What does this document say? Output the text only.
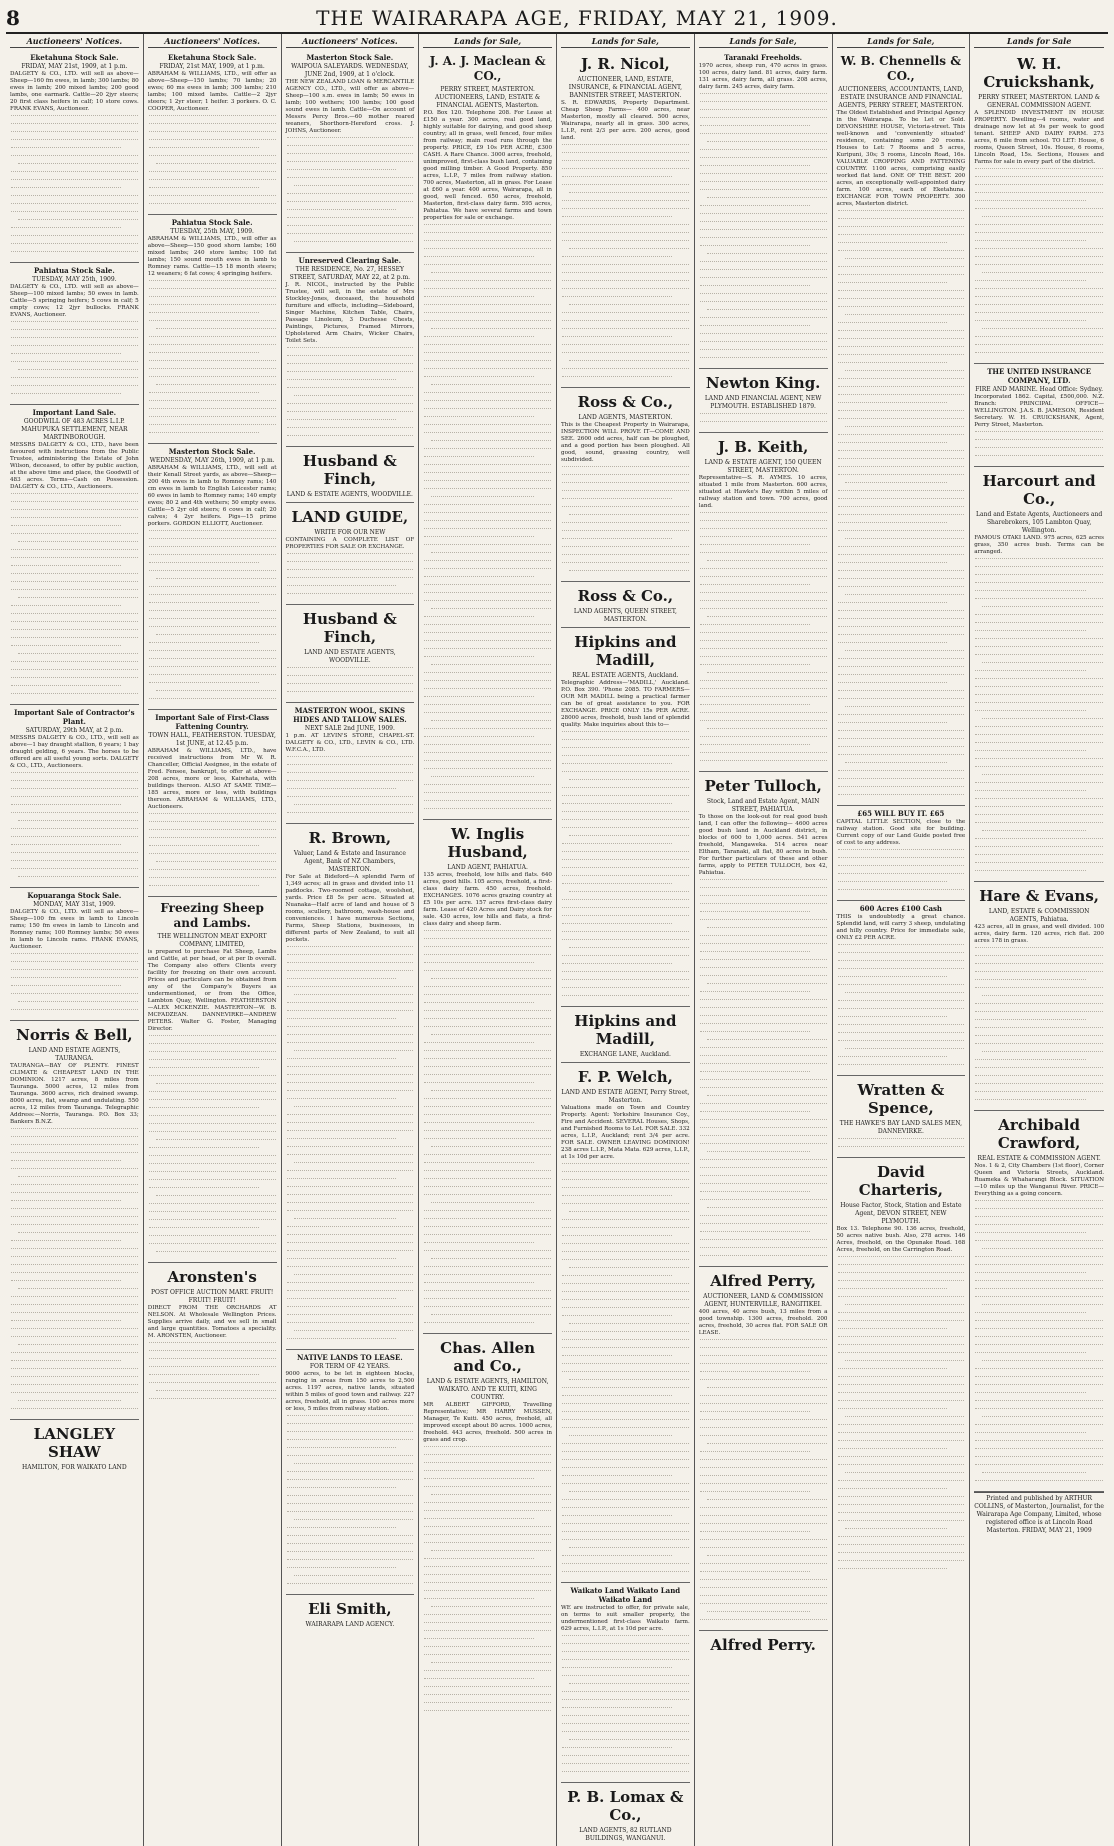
8	THE WAIRARAPA AGE, FRIDAY, MAY 21, 1909.
Auctioneers' Notices.
Eketahuna Stock Sale.
FRIDAY, MAY 21st, 1909, at 1 p.m.
DALGETY & CO., LTD. will sell as above—Sheep—160 fm ewes, in lamb; 300 lambs; 80 ewes in lamb; 200 mixed lambs; 200 good lambs, one earmark. Cattle—20 2jyr steers; 20 first class heifers in calf; 10 store cows. FRANK EVANS, Auctioneer.
Pahiatua Stock Sale.
TUESDAY, MAY 25th, 1909.
DALGETY & CO., LTD. will sell as above—Sheep—100 mixed lambs; 50 ewes in lamb. Cattle—5 springing heifers; 5 cows in calf; 5 empty cows; 12 2jyr bullocks. FRANK EVANS, Auctioneer.
Important Land Sale.
GOODWILL OF 483 ACRES L.I.P. MAHUPUKA SETTLEMENT, NEAR MARTINBOROUGH.
MESSRS DALGETY & CO., LTD., have been favoured with instructions from the Public Trustee, administering the Estate of John Wilson, deceased, to offer by public auction, at the above time and place, the Goodwill of 483 acres. Terms—Cash on Possession. DALGETY & CO., LTD., Auctioneers.
Important Sale of Contractor's Plant.
SATURDAY, 29th MAY, at 2 p.m.
MESSRS DALGETY & CO., LTD., will sell as above—1 bay draught stallion, 6 years; 1 bay draught gelding, 6 years. The horses to be offered are all useful young sorts. DALGETY & CO., LTD., Auctioneers.
Kopuaranga Stock Sale.
MONDAY, MAY 31st, 1909.
DALGETY & CO., LTD. will sell as above—Sheep—100 fm ewes in lamb to Lincoln rams; 150 fm ewes in lamb to Lincoln and Romney rams; 100 Romney lambs; 50 ewes in lamb to Lincoln rams. FRANK EVANS, Auctioneer.
Norris & Bell,
LAND AND ESTATE AGENTS, TAURANGA.
TAURANGA—BAY OF PLENTY. FINEST CLIMATE & CHEAPEST LAND IN THE DOMINION. 1217 acres, 8 miles from Tauranga. 5000 acres, 12 miles from Tauranga. 3600 acres, rich drained swamp. 8000 acres, flat, swamp and undulating. 550 acres, 12 miles from Tauranga. Telegraphic Address:—Norris, Tauranga. P.O. Box 33; Bankers B.N.Z.
LANGLEY SHAW
HAMILTON, FOR WAIKATO LAND
Auctioneers' Notices.
Eketahuna Stock Sale.
FRIDAY, 21st MAY, 1909, at 1 p.m.
ABRAHAM & WILLIAMS, LTD., will offer as above—Sheep—150 lambs; 70 lambs; 20 ewes; 60 ms ewes in lamb; 300 lambs; 210 lambs; 100 mixed lambs. Cattle—2 2jyr steers; 1 2yr steer; 1 heifer. 3 porkers. O. C. COOPER, Auctioneer.
Pahiatua Stock Sale.
TUESDAY, 25th MAY, 1909.
ABRAHAM & WILLIAMS, LTD., will offer as above—Sheep—150 good shorn lambs; 160 mixed lambs; 240 store lambs; 100 fat lambs; 150 sound mouth ewes in lamb to Romney rams. Cattle—15 18 month steers; 12 weaners; 6 fat cows; 4 springing heifers.
Masterton Stock Sale.
WEDNESDAY, MAY 26th, 1909, at 1 p.m.
ABRAHAM & WILLIAMS, LTD., will sell at their Kenall Street yards, as above—Sheep—200 4th ewes in lamb to Romney rams; 140 cm ewes in lamb to English Leicester rams; 60 ewes in lamb to Romney rams; 140 empty ewes; 80 2 and 4th wethers; 50 empty ewes. Cattle—5 2yr old steers; 6 cows in calf; 20 calves; 4 2yr heifers. Pigs—15 prime porkers. GORDON ELLIOTT, Auctioneer.
Important Sale of First-Class Fattening Country.
TOWN HALL, FEATHERSTON. TUESDAY, 1st JUNE, at 12.45 p.m.
ABRAHAM & WILLIAMS, LTD., have received instructions from Mr W. R. Chanceller, Official Assignee, in the estate of Fred. Fensee, bankrupt, to offer at above—208 acres, more or less, Kaiwhata, with buildings thereon. ALSO AT SAME TIME—185 acres, more or less, with buildings thereon. ABRAHAM & WILLIAMS, LTD., Auctioneers.
Freezing Sheep and Lambs.
THE WELLINGTON MEAT EXPORT COMPANY, LIMITED,
is prepared to purchase Fat Sheep, Lambs and Cattle, at per head, or at per lb overall. The Company also offers Clients every facility for freezing on their own account. Prices and particulars can be obtained from any of the Company's Buyers as undermentioned, or from the Office, Lambton Quay, Wellington. FEATHERSTON—ALEX MCKENZIE. MASTERTON—W. B. MCFADZEAN. DANNEVIRKE—ANDREW PETERS. Walter G. Foster, Managing Director.
Aronsten's
POST OFFICE AUCTION MART. FRUIT! FRUIT! FRUIT!
DIRECT FROM THE ORCHARDS AT NELSON. At Wholesale Wellington Prices. Supplies arrive daily, and we sell in small and large quantities. Tomatoes a speciality. M. ARONSTEN, Auctioneer.
Auctioneers' Notices.
Masterton Stock Sale.
WAIPOUA SALEYARDS. WEDNESDAY, JUNE 2nd, 1909, at 1 o'clock.
THE NEW ZEALAND LOAN & MERCANTILE AGENCY CO., LTD., will offer as above—Sheep—100 s.m. ewes in lamb; 50 ewes in lamb; 100 wethers; 100 lambs; 100 good sound ewes in lamb. Cattle—On account of Messrs Percy Bros.—60 mother reared weaners, Shorthorn-Hereford cross. J. JOHNS, Auctioneer.
Unreserved Clearing Sale.
THE RESIDENCE, No. 27, HESSEY STREET, SATURDAY, MAY 22, at 2 p.m.
J. R. NICOL, instructed by the Public Trustee, will sell, in the estate of Mrs Stockley-Jones, deceased, the household furniture and effects, including—Sideboard, Singer Machine, Kitchen Table, Chairs, Passage Linoleum, 3 Duchesse Chests, Paintings, Pictures, Framed Mirrors, Upholstered Arm Chairs, Wicker Chairs, Toilet Sets.
Husband & Finch,
LAND & ESTATE AGENTS, WOODVILLE.
LAND GUIDE,
WRITE FOR OUR NEW
CONTAINING A COMPLETE LIST OF PROPERTIES FOR SALE OR EXCHANGE.
Husband & Finch,
LAND AND ESTATE AGENTS, WOODVILLE.
MASTERTON WOOL, SKINS HIDES AND TALLOW SALES.
NEXT SALE 2nd JUNE, 1909.
1 p.m. AT LEVIN'S STORE, CHAPEL-ST. DALGETY & CO., LTD., LEVIN & CO., LTD. W.F.C.A., LTD.
R. Brown,
Valuer, Land & Estate and Insurance Agent, Bank of NZ Chambers, MASTERTON.
For Sale at Bideford—A splendid Farm of 1,349 acres; all in grass and divided into 11 paddocks. Two-roomed cottage, woolshed, yards. Price £8 5s per acre. Situated at Nuanaka—Half acre of land and house of 5 rooms, scullery, bathroom, wash-house and conveniences. I have numerous Sections, Farms, Sheep Stations, businesses, in different parts of New Zealand, to suit all pockets.
NATIVE LANDS TO LEASE.
FOR TERM OF 42 YEARS.
9000 acres, to be let in eighteen blocks, ranging in areas from 150 acres to 2,500 acres. 1197 acres, native lands, situated within 5 miles of good town and railway. 227 acres, freehold, all in grass. 100 acres more or less, 5 miles from railway station.
Eli Smith,
WAIRARAPA LAND AGENCY.
Lands for Sale,
J. A. J. Maclean & CO.,
PERRY STREET, MASTERTON. AUCTIONEERS, LAND, ESTATE & FINANCIAL AGENTS, Masterton.
P.O. Box 120. Telephone 208. For Lease at £150 a year. 300 acres, real good land, highly suitable for dairying, and good sheep country; all in grass, well fenced, four miles from railway; main road runs through the property. PRICE, £9 10s PER ACRE, £300 CASH. A Rare Chance. 3000 acres, freehold, unimproved, first-class bush land, containing good milling timber. A Good Property. 850 acres, L.I.P., 7 miles from railway station. 700 acres, Masterton, all in grass. For Lease at £60 a year. 400 acres, Wairarapa, all in good, well fenced. 650 acres, freehold, Masterton, first-class dairy farm. 595 acres, Pahiatua. We have several farms and town properties for sale or exchange.
W. Inglis Husband,
LAND AGENT, PAHIATUA.
135 acres, freehold, low hills and flats. 640 acres, good hills. 105 acres, freehold, a first-class dairy farm. 450 acres, freehold. EXCHANGES. 1076 acres grazing country at £5 10s per acre. 157 acres first-class dairy farm. Lease of 420 Acres and Dairy stock for sale. 430 acres, low hills and flats, a first-class dairy and sheep farm.
Chas. Allen and Co.,
LAND & ESTATE AGENTS, HAMILTON, WAIKATO. AND TE KUITI, KING COUNTRY.
MR ALBERT GIFFORD, Travelling Representative; MR HARRY MUSSEN, Manager, Te Kuiti. 450 acres, freehold, all improved except about 80 acres. 1000 acres, freehold. 443 acres, freehold. 500 acres in grass and crop.
Lands for Sale,
J. R. Nicol,
AUCTIONEER, LAND, ESTATE, INSURANCE, & FINANCIAL AGENT, BANNISTER STREET, MASTERTON.
S. R. EDWARDS, Property Department. Cheap Sheep Farms— 400 acres, near Masterton, mostly all cleared. 500 acres, Wairarapa, nearly all in grass. 300 acres, L.I.P., rent 2/3 per acre. 200 acres, good land.
Ross & Co.,
LAND AGENTS, MASTERTON.
This is the Cheapest Property in Wairarapa, INSPECTION WILL PROVE IT—COME AND SEE. 2600 odd acres, half can be ploughed, and a good portion has been ploughed. All good, sound, grassing country, well subdivided.
Ross & Co.,
LAND AGENTS, QUEEN STREET, MASTERTON.
Hipkins and Madill,
REAL ESTATE AGENTS, Auckland.
Telegraphic Address—'MADILL,' Auckland. P.O. Box 390. 'Phone 2085. TO FARMERS— OUR MR MADILL being a practical farmer can be of great assistance to you. FOR EXCHANGE. PRICE ONLY 15s PER ACRE. 28000 acres, freehold, bush land of splendid quality. Make inquiries about this to—
Hipkins and Madill,
EXCHANGE LANE, Auckland.
F. P. Welch,
LAND AND ESTATE AGENT, Perry Street, Masterton.
Valuations made on Town and Country Property. Agent: Yorkshire Insurance Coy., Fire and Accident. SEVERAL Houses, Shops, and Furnished Rooms to Let. FOR SALE. 332 acres, L.I.P., Auckland; rent 3/4 per acre. FOR SALE. OWNER LEAVING DOMINION! 238 acres L.I.P., Mata Mata. 629 acres, L.I.P., at 1s 10d per acre.
Waikato Land Waikato Land Waikato Land
WE are instructed to offer, for private sale, on terms to suit smaller property, the undermentioned first-class Waikato farm. 629 acres, L.I.P., at 1s 10d per acre.
P. B. Lomax & Co.,
LAND AGENTS, 82 RUTLAND BUILDINGS, WANGANUI.
Lands for Sale,
Taranaki Freeholds.
1970 acres, sheep run, 470 acres in grass. 100 acres, dairy land. 81 acres, dairy farm. 131 acres, dairy farm, all grass. 208 acres, dairy farm. 245 acres, dairy farm.
Newton King.
LAND AND FINANCIAL AGENT, NEW PLYMOUTH. ESTABLISHED 1879.
J. B. Keith,
LAND & ESTATE AGENT, 150 QUEEN STREET, MASTERTON.
Representative—S. R. AYMES. 10 acres, situated 1 mile from Masterton. 600 acres, situated at Hawke's Bay within 5 miles of railway station and town. 700 acres, good land.
Peter Tulloch,
Stock, Land and Estate Agent, MAIN STREET, PAHIATUA.
To those on the look-out for real good bush land, I can offer the following— 4600 acres good bush land in Auckland district, in blocks of 600 to 1,000 acres. 541 acres freehold, Mangaweka. 514 acres near Eltham, Taranaki, all flat, 80 acres in bush. For further particulars of these and other farms, apply to PETER TULLOCH, box 42, Pahiatua.
Alfred Perry,
AUCTIONEER, LAND & COMMISSION AGENT, HUNTERVILLE, RANGITIKEI.
400 acres, 40 acres bush, 13 miles from a good township. 1300 acres, freehold. 200 acres, freehold, 30 acres flat. FOR SALE OR LEASE.
Alfred Perry.
Lands for Sale,
W. B. Chennells & CO.,
AUCTIONEERS, ACCOUNTANTS, LAND, ESTATE INSURANCE AND FINANCIAL AGENTS, PERRY STREET, MASTERTON.
The Oldest Established and Principal Agency in the Wairarapa. To be Let or Sold. DEVONSHIRE HOUSE, Victoria-street. This well-known and 'conveniently situated' residence, containing some 20 rooms. Houses to Let: 7 Rooms and 5 acres, Kuripuni, 30s; 5 rooms, Lincoln Road, 16s. VALUABLE CROPPING AND FATTENING COUNTRY. 1100 acres, comprising easily worked flat land. ONE OF THE BEST. 200 acres, an exceptionally well-appointed dairy farm. 100 acres, each of Eketahuna. EXCHANGE FOR TOWN PROPERTY. 300 acres, Masterton district.
£65 WILL BUY IT. £65
CAPITAL LITTLE SECTION, close to the railway station. Good site for building. Current copy of our Land Guide posted free of cost to any address.
600 Acres £100 Cash
THIS is undoubtedly a great chance. Splendid land, will carry 3 sheep, undulating and hilly country. Price for immediate sale, ONLY £2 PER ACRE.
Wratten & Spence,
THE HAWKE'S BAY LAND SALES MEN, DANNEVIRKE.
David Charteris,
House Factor, Stock, Station and Estate Agent, DEVON STREET, NEW PLYMOUTH.
Box 13. Telephone 90. 136 acres, freehold, 50 acres native bush. Also, 278 acres. 146 Acres, freehold, on the Opunake Road. 168 Acres, freehold, on the Carrington Road.
Lands for Sale
W. H. Cruickshank,
PERRY STREET, MASTERTON. LAND & GENERAL COMMISSION AGENT.
A SPLENDID INVESTMENT IN HOUSE PROPERTY. Dwelling—4 rooms, water and drainage now let at 9s per week to good tenant. SHEEP AND DAIRY FARM. 273 acres, 6 mile from school. TO LET: House, 6 rooms, Queen Street, 10s. House, 6 rooms, Lincoln Road, 15s. Sections, Houses and Farms for sale in every part of the district.
THE UNITED INSURANCE COMPANY, LTD.
FIRE AND MARINE. Head Office: Sydney.
Incorporated 1862. Capital, £500,000. N.Z. Branch: PRINCIPAL OFFICE—WELLINGTON. J.A.S. B. JAMESON, Resident Secretary. W. H. CRUICKSHANK, Agent, Perry Street, Masterton.
Harcourt and Co.,
Land and Estate Agents, Auctioneers and Sharebrokers, 105 Lambton Quay, Wellington.
FAMOUS OTAKI LAND. 975 acres, 625 acres grass, 350 acres bush. Terms can be arranged.
Hare & Evans,
LAND, ESTATE & COMMISSION AGENTS, Pahiatua.
423 acres, all in grass, and well divided. 100 acres, dairy farm. 120 acres, rich flat. 200 acres 178 in grass.
Archibald Crawford,
REAL ESTATE & COMMISSION AGENT.
Nos. 1 & 2, City Chambers (1st floor), Corner Queen and Victoria Streets, Auckland. Ruameka & Whaharangi Block. SITUATION—10 miles up the Wanganui River. PRICE—Everything as a going concern.
Printed and published by ARTHUR COLLINS, of Masterton, Journalist, for the Wairarapa Age Company, Limited, whose registered office is at Lincoln Road Masterton. FRIDAY, MAY 21, 1909
